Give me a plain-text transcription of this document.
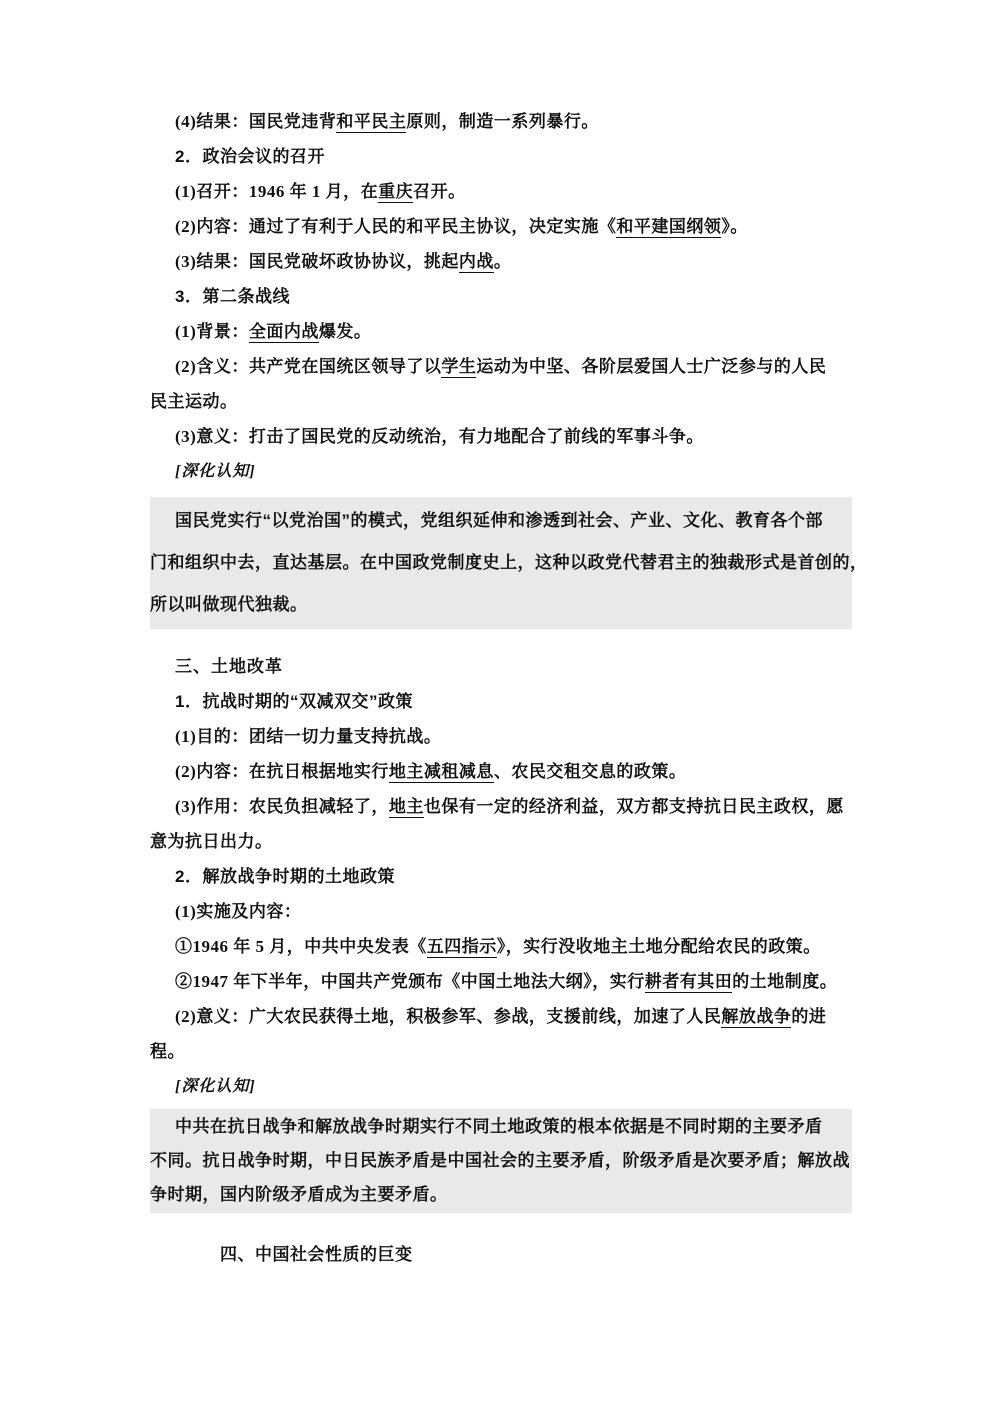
(4)结果：国民党违背和平民主原则，制造一系列暴行。
2．政治会议的召开
(1)召开：1946 年 1 月，在重庆召开。
(2)内容：通过了有利于人民的和平民主协议，决定实施《和平建国纲领》。
(3)结果：国民党破坏政协协议，挑起内战。
3．第二条战线
(1)背景：全面内战爆发。
(2)含义：共产党在国统区领导了以学生运动为中坚、各阶层爱国人士广泛参与的人民
民主运动。
(3)意义：打击了国民党的反动统治，有力地配合了前线的军事斗争。
[深化认知]
国民党实行“以党治国”的模式，党组织延伸和渗透到社会、产业、文化、教育各个部
门和组织中去，直达基层。在中国政党制度史上，这种以政党代替君主的独裁形式是首创的，
所以叫做现代独裁。
三、土地改革
1．抗战时期的“双减双交”政策
(1)目的：团结一切力量支持抗战。
(2)内容：在抗日根据地实行地主减租减息、农民交租交息的政策。
(3)作用：农民负担减轻了，地主也保有一定的经济利益，双方都支持抗日民主政权，愿
意为抗日出力。
2．解放战争时期的土地政策
(1)实施及内容：
①1946 年 5 月，中共中央发表《五四指示》，实行没收地主土地分配给农民的政策。
②1947 年下半年，中国共产党颁布《中国土地法大纲》，实行耕者有其田的土地制度。
(2)意义：广大农民获得土地，积极参军、参战，支援前线，加速了人民解放战争的进
程。
[深化认知]
中共在抗日战争和解放战争时期实行不同土地政策的根本依据是不同时期的主要矛盾
不同。抗日战争时期，中日民族矛盾是中国社会的主要矛盾，阶级矛盾是次要矛盾；解放战
争时期，国内阶级矛盾成为主要矛盾。
四、中国社会性质的巨变
